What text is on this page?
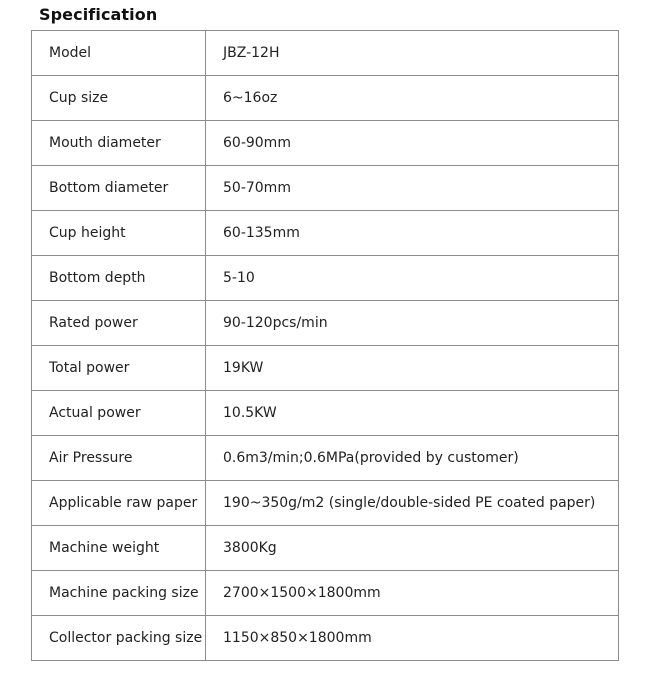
Specification
Model	JBZ-12H
Cup size	6~16oz
Mouth diameter	60-90mm
Bottom diameter	50-70mm
Cup height	60-135mm
Bottom depth	5-10
Rated power	90-120pcs/min
Total power	19KW
Actual power	10.5KW
Air Pressure	0.6m3/min;0.6MPa(provided by customer)
Applicable raw paper	190~350g/m2 (single/double-sided PE coated paper)
Machine weight	3800Kg
Machine packing size	2700×1500×1800mm
Collector packing size	1150×850×1800mm
